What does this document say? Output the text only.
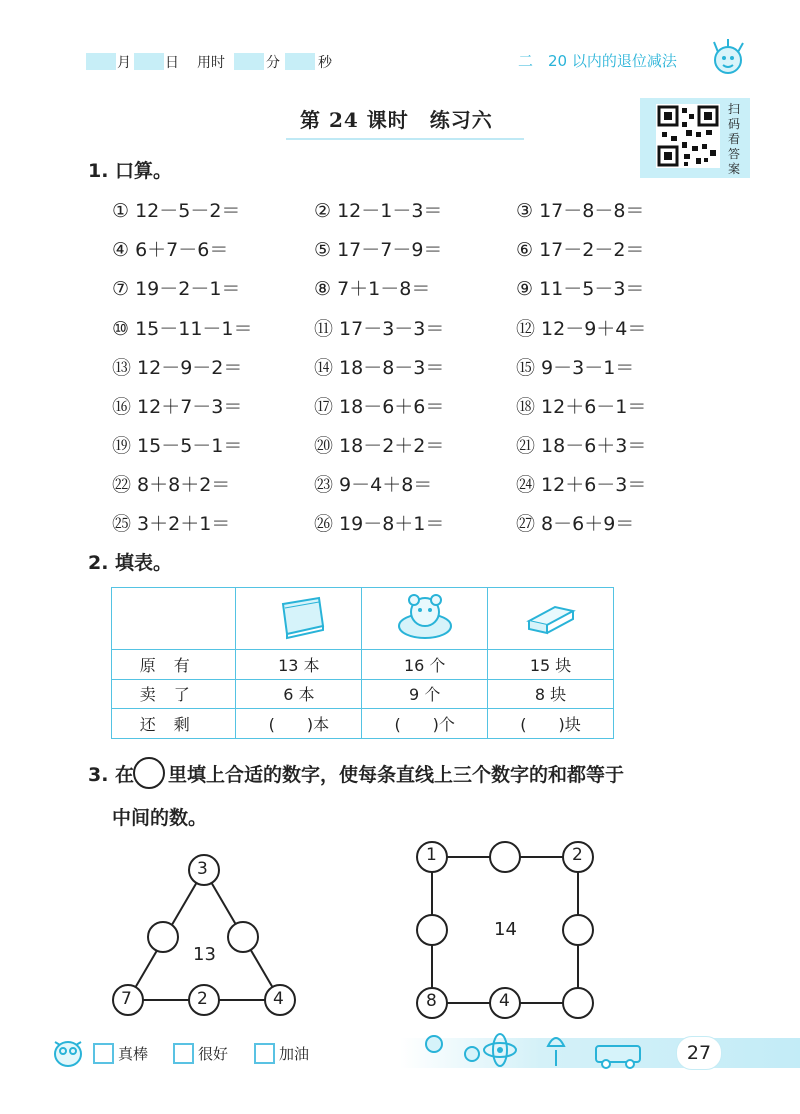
月 日 用时	分	秒	二　20 以内的退位减法
第 24 课时　练习六	扫
码
看
答
案
1. 口算。
① 12－5－2＝	② 12－1－3＝	③ 17－8－8＝
④ 6＋7－6＝	⑤ 17－7－9＝	⑥ 17－2－2＝
⑦ 19－2－1＝	⑧ 7＋1－8＝	⑨ 11－5－3＝
⑩ 15－11－1＝	⑪ 17－3－3＝	⑫ 12－9＋4＝
⑬ 12－9－2＝	⑭ 18－8－3＝	⑮ 9－3－1＝
⑯ 12＋7－3＝	⑰ 18－6＋6＝	⑱ 12＋6－1＝
⑲ 15－5－1＝	⑳ 18－2＋2＝	㉑ 18－6＋3＝
㉒ 8＋8＋2＝	㉓ 9－4＋8＝	㉔ 12＋6－3＝
㉕ 3＋2＋1＝	㉖ 19－8＋1＝	㉗ 8－6＋9＝
2. 填表。

原有	13 本	16 个	15 块
卖了	6 本	9 个	8 块
还剩	(　　)本	(　　)个	(　　)块
3. 在 里填上合适的数字，使每条直线上三个数字的和都等于
中间的数。
3
13
7	2	4
1	2
14
8	4
真棒	很好	加油	27
